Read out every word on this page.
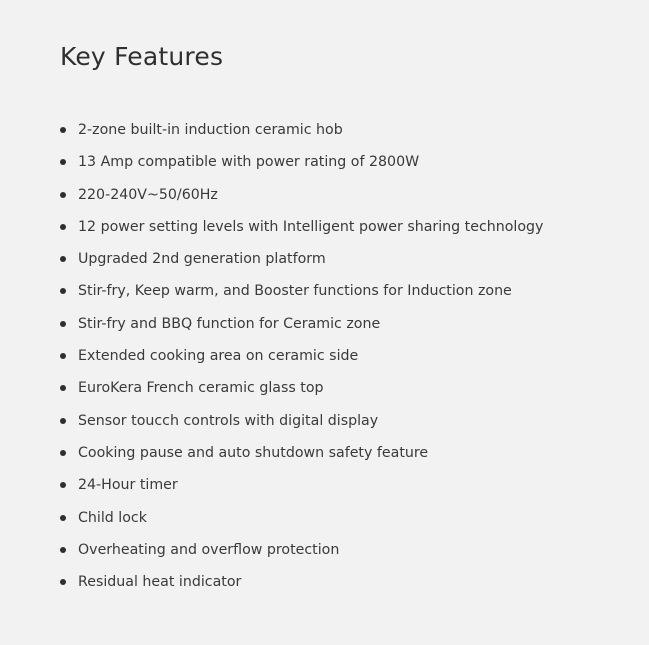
Key Features
2-zone built-in induction ceramic hob
13 Amp compatible with power rating of 2800W
220-240V~50/60Hz
12 power setting levels with Intelligent power sharing technology
Upgraded 2nd generation platform
Stir-fry, Keep warm, and Booster functions for Induction zone
Stir-fry and BBQ function for Ceramic zone
Extended cooking area on ceramic side
EuroKera French ceramic glass top
Sensor toucch controls with digital display
Cooking pause and auto shutdown safety feature
24-Hour timer
Child lock
Overheating and overflow protection
Residual heat indicator
